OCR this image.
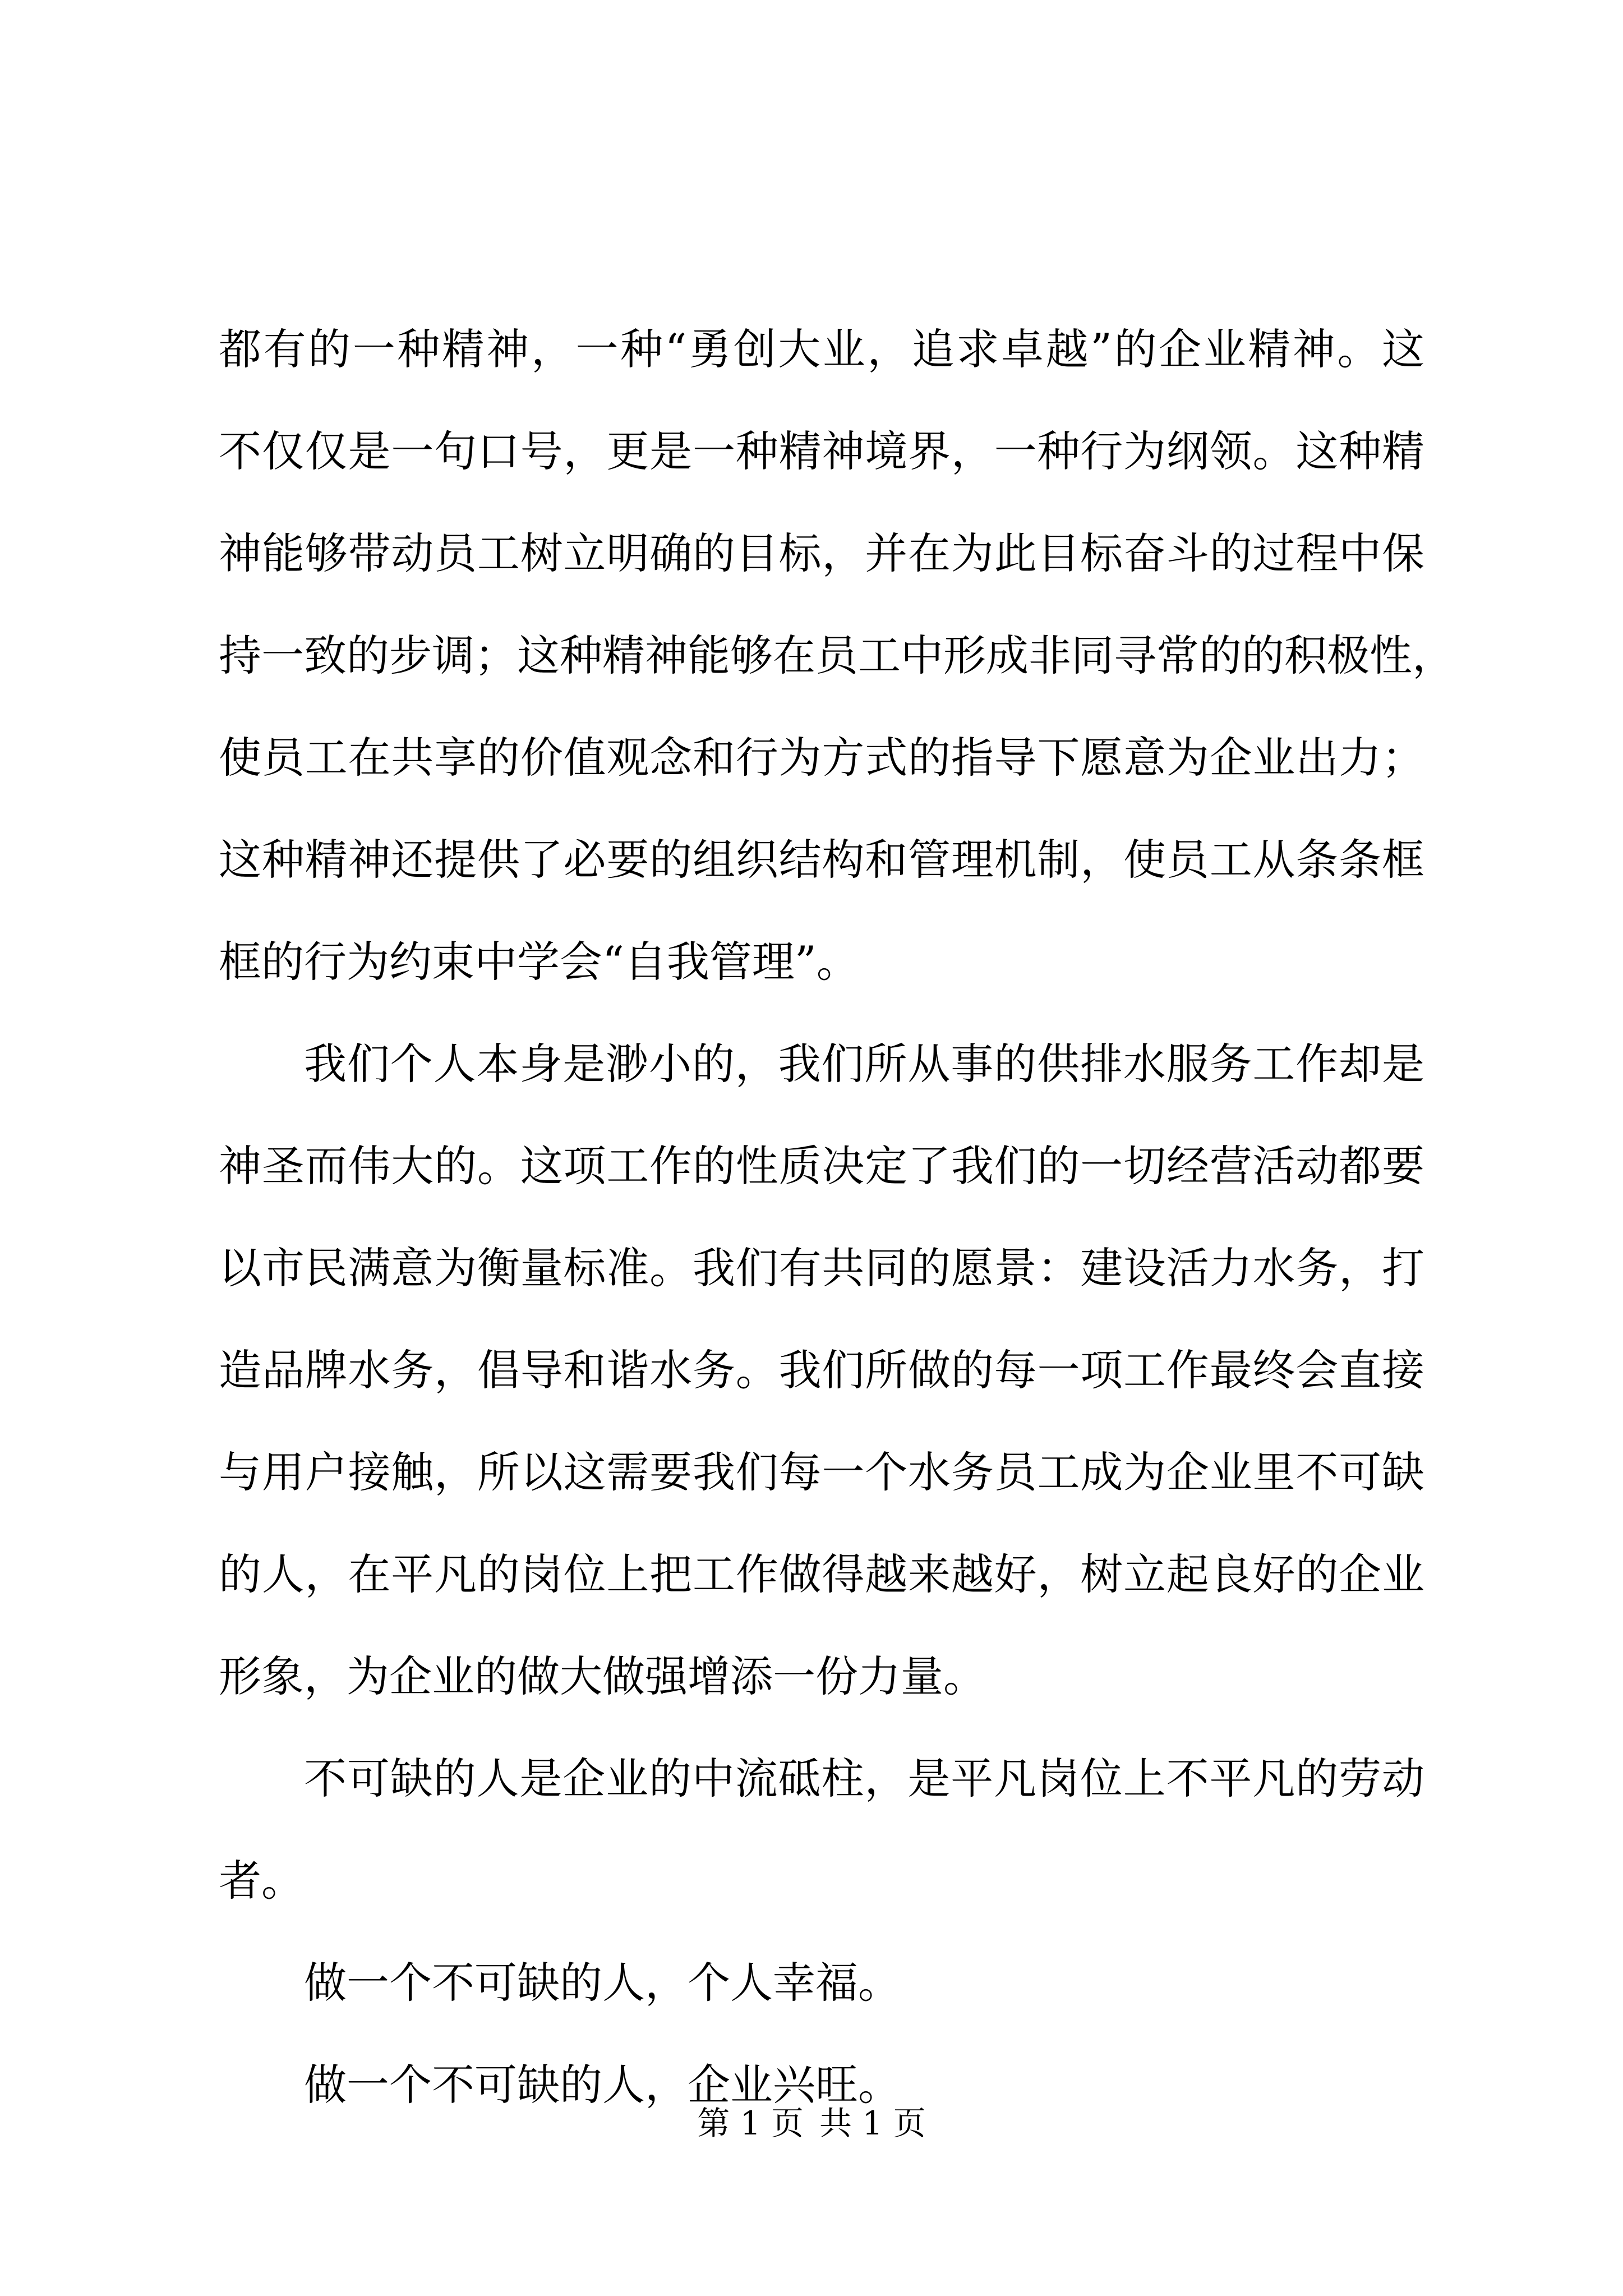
都有的一种精神，一种“勇创大业，追求卓越”的企业精神。这
不仅仅是一句口号，更是一种精神境界，一种行为纲领。这种精
神能够带动员工树立明确的目标，并在为此目标奋斗的过程中保
持一致的步调；这种精神能够在员工中形成非同寻常的的积极性，
使员工在共享的价值观念和行为方式的指导下愿意为企业出力；
这种精神还提供了必要的组织结构和管理机制，使员工从条条框
框的行为约束中学会“自我管理”。
我们个人本身是渺小的，我们所从事的供排水服务工作却是
神圣而伟大的。这项工作的性质决定了我们的一切经营活动都要
以市民满意为衡量标准。我们有共同的愿景：建设活力水务，打
造品牌水务，倡导和谐水务。我们所做的每一项工作最终会直接
与用户接触，所以这需要我们每一个水务员工成为企业里不可缺
的人，在平凡的岗位上把工作做得越来越好，树立起良好的企业
形象，为企业的做大做强增添一份力量。
不可缺的人是企业的中流砥柱，是平凡岗位上不平凡的劳动
者。
做一个不可缺的人，个人幸福。
做一个不可缺的人，企业兴旺。
第 1 页 共 1 页
